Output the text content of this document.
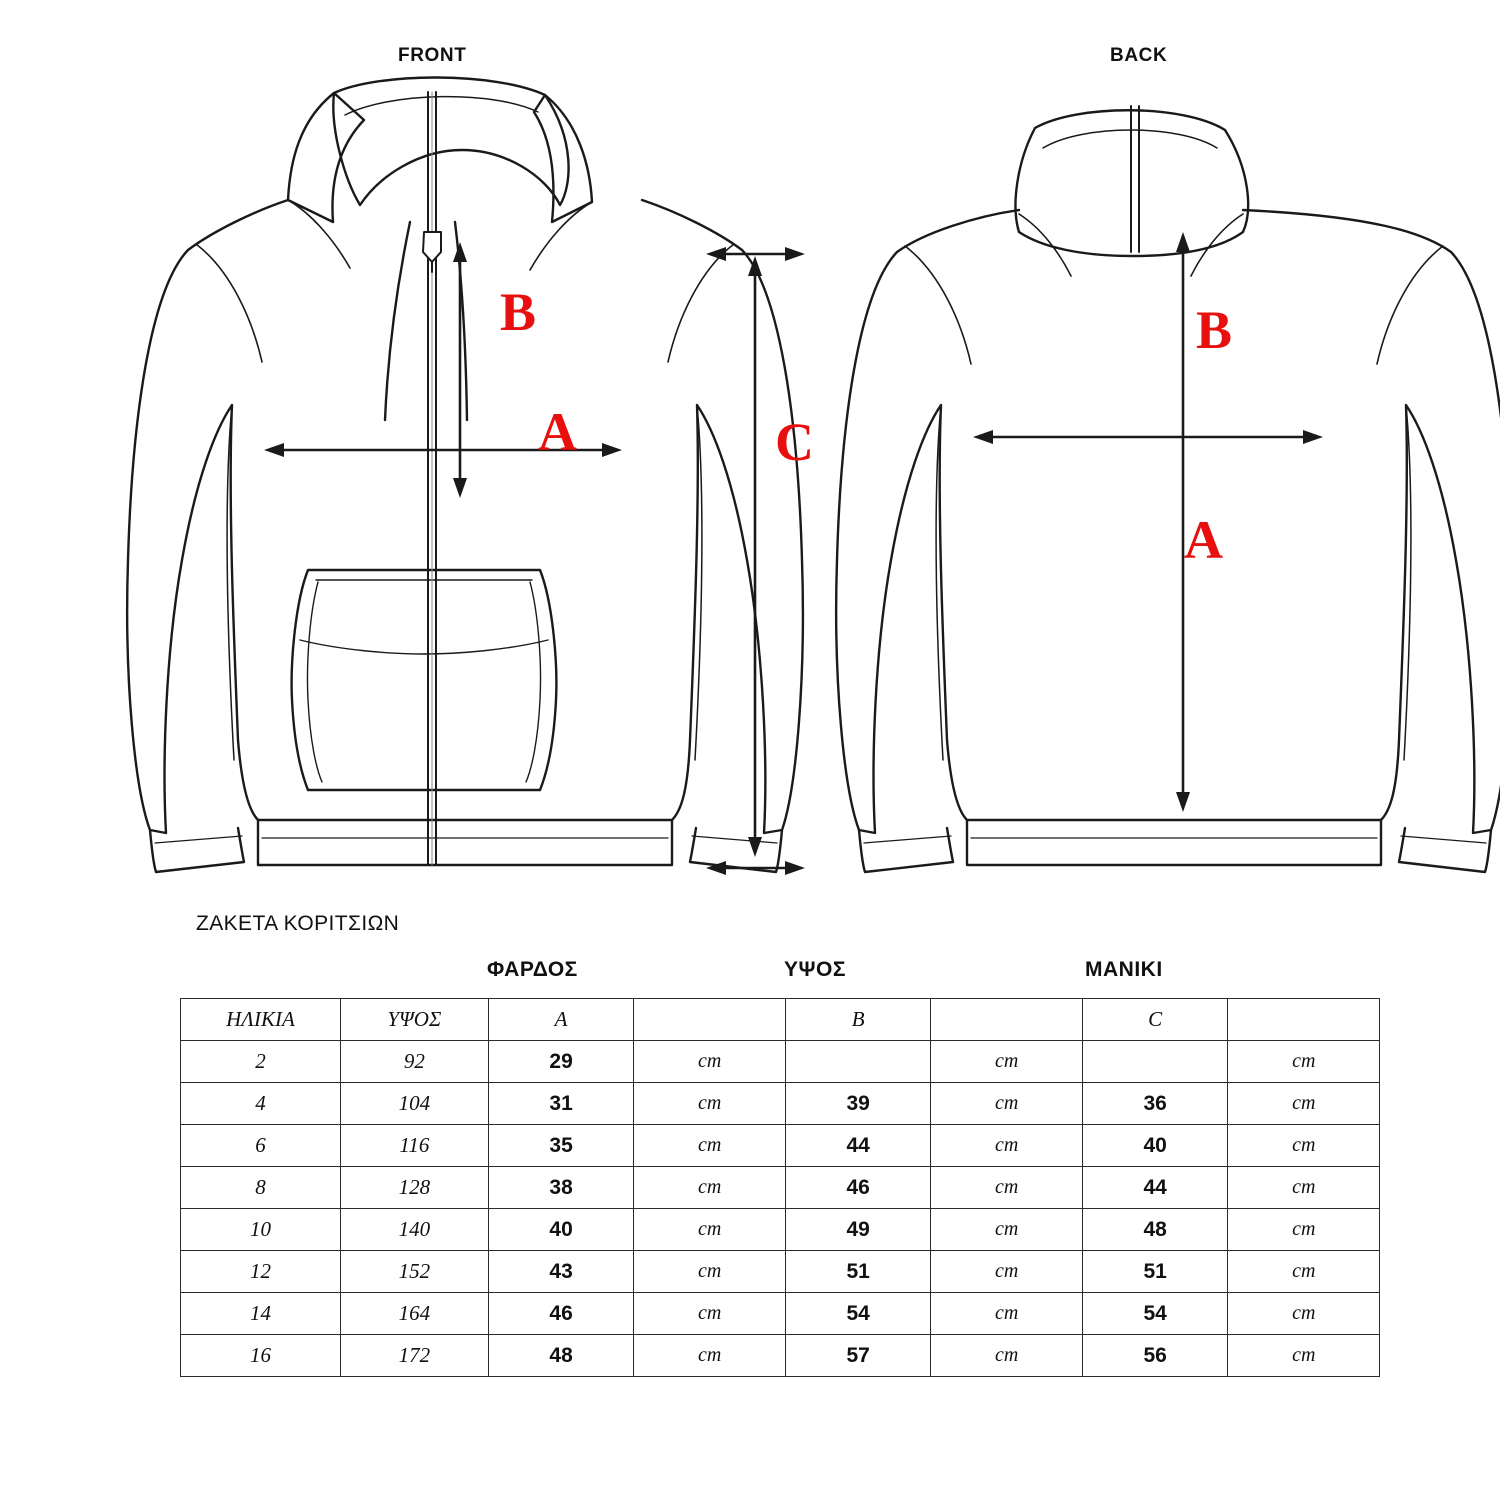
FRONT	BACK
B
A	C
B
A
ΖΑΚΕΤΑ ΚΟΡΙΤΣΙΩΝ
ΦΑΡΔΟΣ	ΥΨΟΣ	ΜΑΝΙΚΙ
ΗΛΙΚΙΑ	ΥΨΟΣ	A		B		C	
2	92	29	cm		cm		cm
4	104	31	cm	39	cm	36	cm
6	116	35	cm	44	cm	40	cm
8	128	38	cm	46	cm	44	cm
10	140	40	cm	49	cm	48	cm
12	152	43	cm	51	cm	51	cm
14	164	46	cm	54	cm	54	cm
16	172	48	cm	57	cm	56	cm
